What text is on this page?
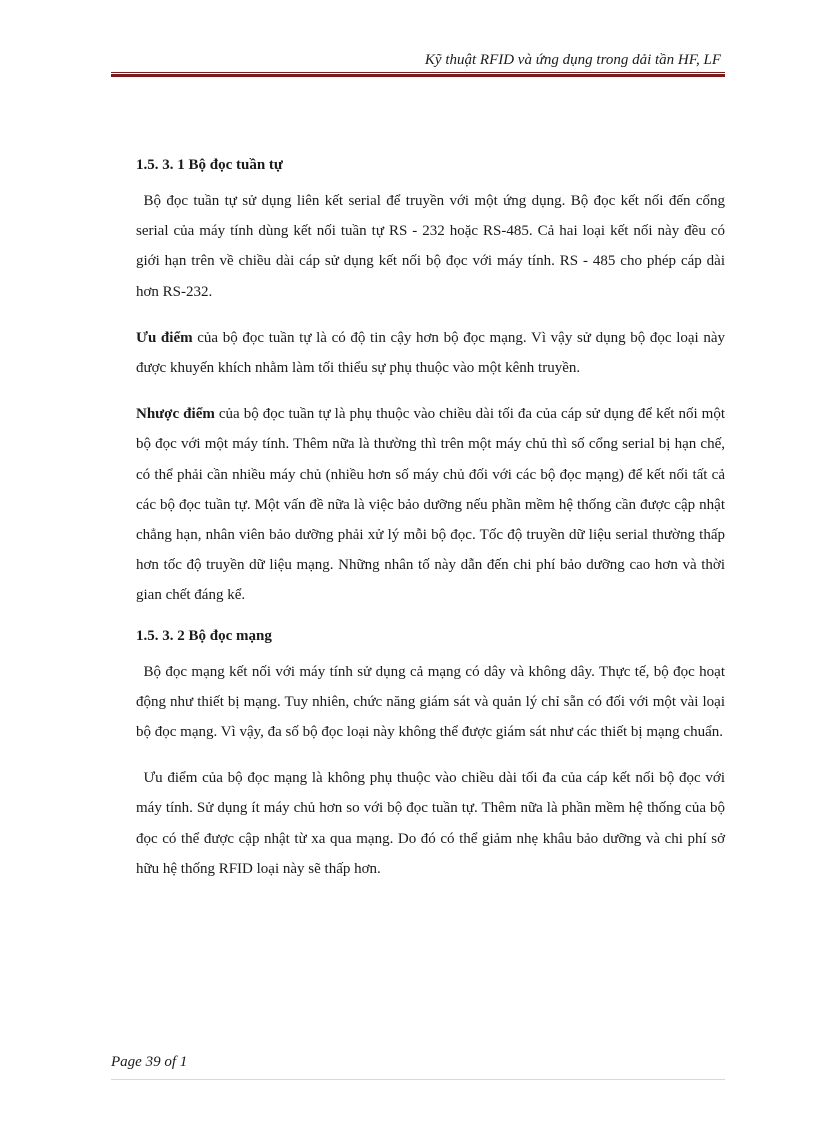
Kỹ thuật RFID và ứng dụng trong dải tần HF, LF
1.5. 3. 1 Bộ đọc tuần tự

 Bộ đọc tuần tự sử dụng liên kết serial để truyền với một ứng dụng. Bộ đọc kết nối đến cổng serial của máy tính dùng kết nối tuần tự RS - 232 hoặc RS-485. Cả hai loại kết nối này đều có giới hạn trên về chiều dài cáp sử dụng kết nối bộ đọc với máy tính. RS - 485 cho phép cáp dài hơn RS-232.

Ưu điểm của bộ đọc tuần tự là có độ tin cậy hơn bộ đọc mạng. Vì vậy sử dụng bộ đọc loại này được khuyến khích nhằm làm tối thiểu sự phụ thuộc vào một kênh truyền.

Nhược điểm của bộ đọc tuần tự là phụ thuộc vào chiều dài tối đa của cáp sử dụng để kết nối một bộ đọc với một máy tính. Thêm nữa là thường thì trên một máy chủ thì số cổng serial bị hạn chế, có thể phải cần nhiều máy chủ (nhiều hơn số máy chủ đối với các bộ đọc mạng) để kết nối tất cả các bộ đọc tuần tự. Một vấn đề nữa là việc bảo dưỡng nếu phần mềm hệ thống cần được cập nhật chẳng hạn, nhân viên bảo dưỡng phải xử lý mỗi bộ đọc. Tốc độ truyền dữ liệu serial thường thấp hơn tốc độ truyền dữ liệu mạng. Những nhân tố này dẫn đến chi phí bảo dưỡng cao hơn và thời gian chết đáng kể.

1.5. 3. 2 Bộ đọc mạng

 Bộ đọc mạng kết nối với máy tính sử dụng cả mạng có dây và không dây. Thực tế, bộ đọc hoạt động như thiết bị mạng. Tuy nhiên, chức năng giám sát và quản lý chỉ sẵn có đối với một vài loại bộ đọc mạng. Vì vậy, đa số bộ đọc loại này không thể được giám sát như các thiết bị mạng chuẩn.

 Ưu điểm của bộ đọc mạng là không phụ thuộc vào chiều dài tối đa của cáp kết nối bộ đọc với máy tính. Sử dụng ít máy chủ hơn so với bộ đọc tuần tự. Thêm nữa là phần mềm hệ thống của bộ đọc có thể được cập nhật từ xa qua mạng. Do đó có thể giảm nhẹ khâu bảo dưỡng và chi phí sở hữu hệ thống RFID loại này sẽ thấp hơn.

Page 39 of 1
